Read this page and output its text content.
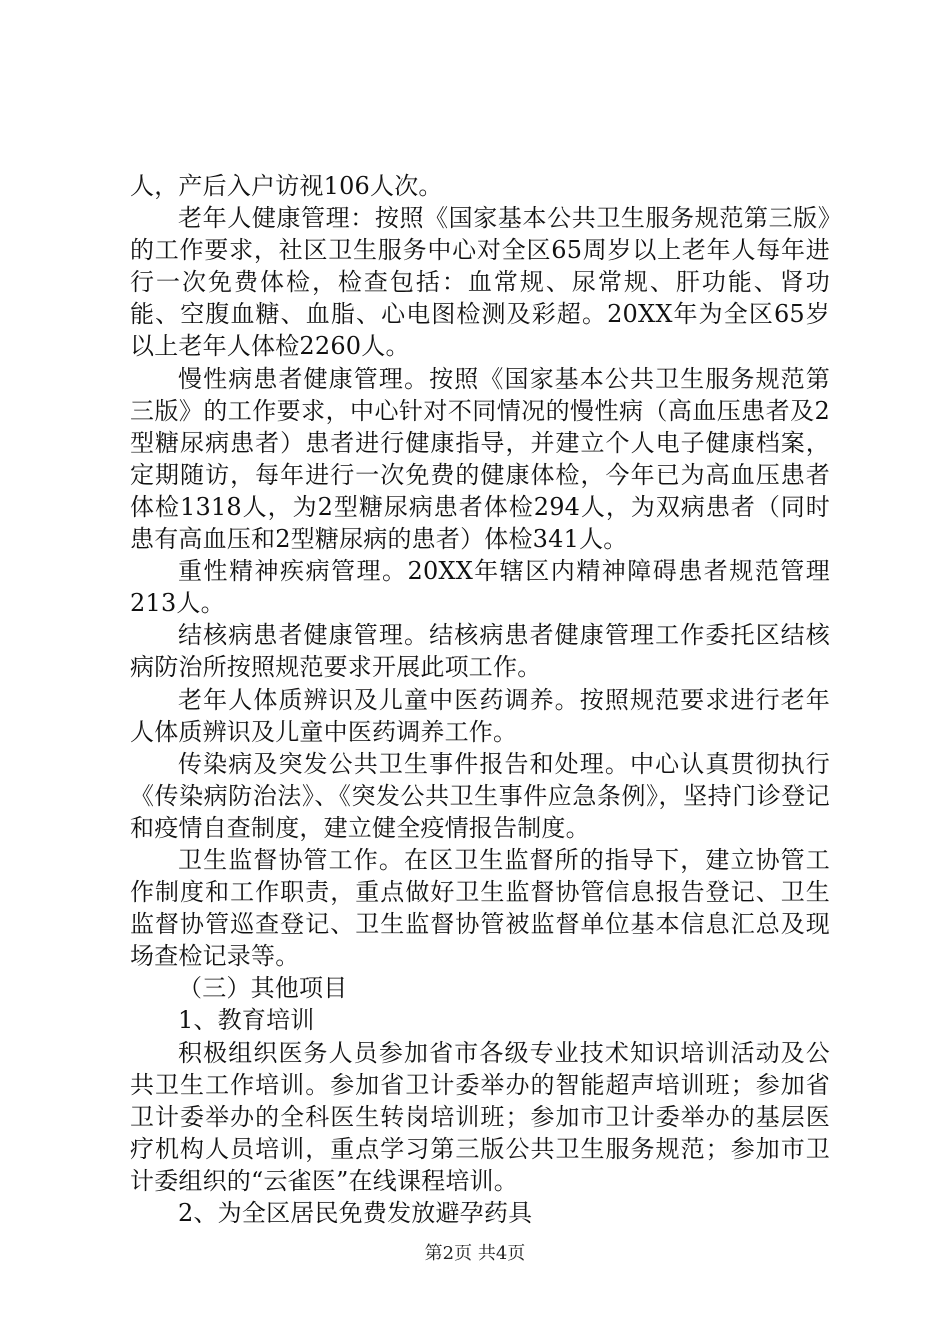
人，产后入户访视106人次。

老年人健康管理：按照《国家基本公共卫生服务规范第三版》的工作要求，社区卫生服务中心对全区65周岁以上老年人每年进行一次免费体检，检查包括：血常规、尿常规、肝功能、肾功能、空腹血糖、血脂、心电图检测及彩超。20XX年为全区65岁以上老年人体检2260人。

慢性病患者健康管理。按照《国家基本公共卫生服务规范第三版》的工作要求，中心针对不同情况的慢性病（高血压患者及2型糖尿病患者）患者进行健康指导，并建立个人电子健康档案，定期随访，每年进行一次免费的健康体检，今年已为高血压患者体检1318人，为2型糖尿病患者体检294人，为双病患者（同时患有高血压和2型糖尿病的患者）体检341人。

重性精神疾病管理。20XX年辖区内精神障碍患者规范管理213人。

结核病患者健康管理。结核病患者健康管理工作委托区结核病防治所按照规范要求开展此项工作。

老年人体质辨识及儿童中医药调养。按照规范要求进行老年人体质辨识及儿童中医药调养工作。

传染病及突发公共卫生事件报告和处理。中心认真贯彻执行《传染病防治法》、《突发公共卫生事件应急条例》，坚持门诊登记和疫情自查制度，建立健全疫情报告制度。

卫生监督协管工作。在区卫生监督所的指导下，建立协管工作制度和工作职责，重点做好卫生监督协管信息报告登记、卫生监督协管巡查登记、卫生监督协管被监督单位基本信息汇总及现场查检记录等。

（三）其他项目

1、教育培训

积极组织医务人员参加省市各级专业技术知识培训活动及公共卫生工作培训。参加省卫计委举办的智能超声培训班；参加省卫计委举办的全科医生转岗培训班；参加市卫计委举办的基层医疗机构人员培训，重点学习第三版公共卫生服务规范；参加市卫计委组织的“云雀医”在线课程培训。

2、为全区居民免费发放避孕药具

第2页 共4页
